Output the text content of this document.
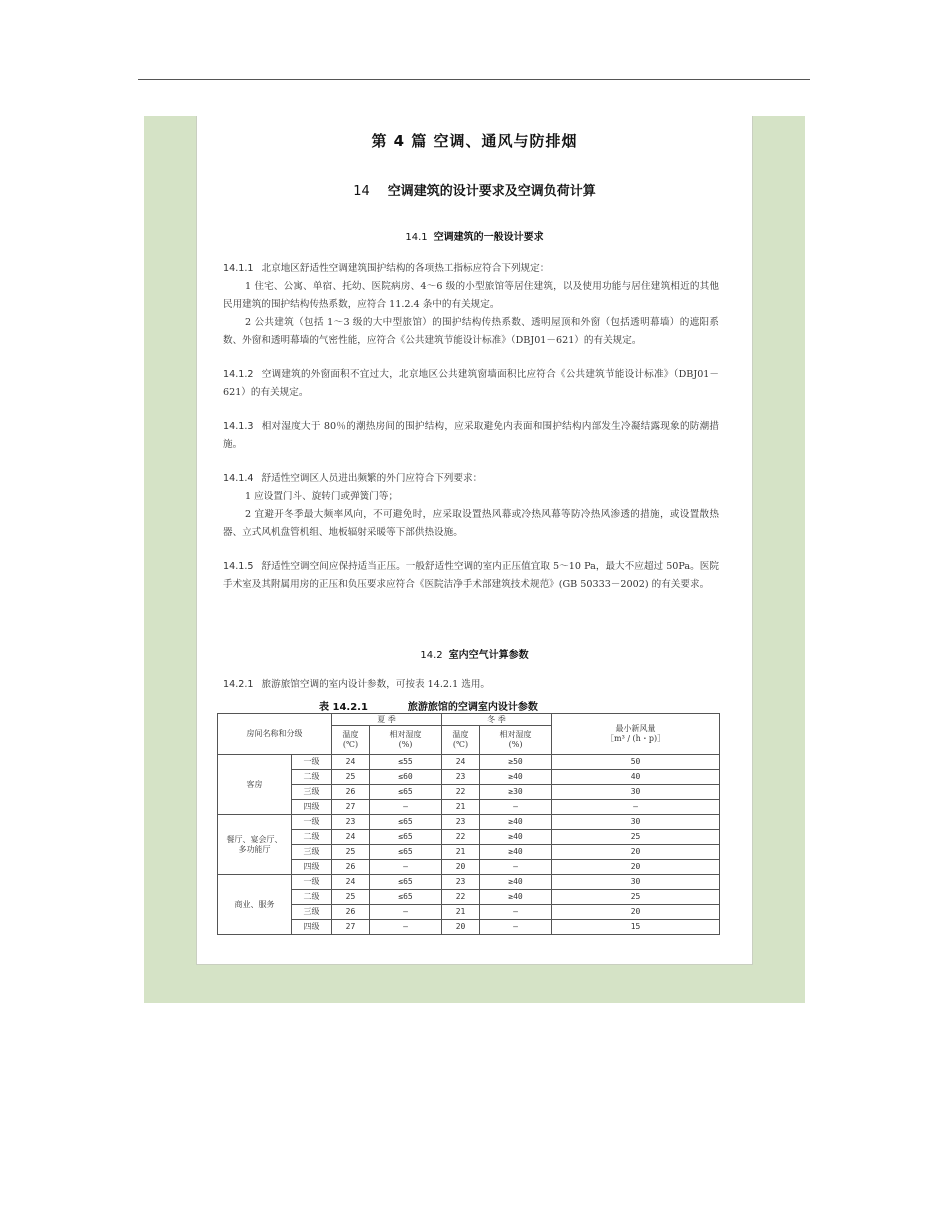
第 4 篇 空调、通风与防排烟
14 空调建筑的设计要求及空调负荷计算
14.1 空调建筑的一般设计要求

14.1.1 北京地区舒适性空调建筑围护结构的各项热工指标应符合下列规定：

1 住宅、公寓、单宿、托幼、医院病房、4～6 级的小型旅馆等居住建筑，以及使用功能与居住建筑相近的其他民用建筑的围护结构传热系数，应符合 11.2.4 条中的有关规定。

2 公共建筑（包括 1～3 级的大中型旅馆）的围护结构传热系数、透明屋顶和外窗（包括透明幕墙）的遮阳系数、外窗和透明幕墙的气密性能，应符合《公共建筑节能设计标准》（DBJ01－621）的有关规定。

14.1.2 空调建筑的外窗面积不宜过大，北京地区公共建筑窗墙面积比应符合《公共建筑节能设计标准》（DBJ01－621）的有关规定。

14.1.3 相对湿度大于 80％的潮热房间的围护结构，应采取避免内表面和围护结构内部发生冷凝结露现象的防潮措施。

14.1.4 舒适性空调区人员进出频繁的外门应符合下列要求：

1 应设置门斗、旋转门或弹簧门等；

2 宜避开冬季最大频率风向，不可避免时，应采取设置热风幕或冷热风幕等防冷热风渗透的措施，或设置散热器、立式风机盘管机组、地板辐射采暖等下部供热设施。

14.1.5 舒适性空调空间应保持适当正压。一般舒适性空调的室内正压值宜取 5～10 Pa，最大不应超过 50Pa。医院手术室及其附属用房的正压和负压要求应符合《医院洁净手术部建筑技术规范》(GB 50333－2002) 的有关要求。

14.2 室内空气计算参数

14.2.1 旅游旅馆空调的室内设计参数，可按表 14.2.1 选用。

表 14.2.1	旅游旅馆的空调室内设计参数
房间名称和分级		夏 季		冬 季		最小新风量
［m³ / (h・p)］
		温度
(℃)	相对湿度
(%)	温度
(℃)	相对湿度
(%)	
客房	一级	24	≤55	24	≥50	50
	二级	25	≤60	23	≥40	40
	三级	26	≤65	22	≥30	30
	四级	27	—	21	—	—
餐厅、宴会厅、多功能厅	一级	23	≤65	23	≥40	30
	二级	24	≤65	22	≥40	25
	三级	25	≤65	21	≥40	20
	四级	26	—	20	—	20
商业、服务	一级	24	≤65	23	≥40	30
	二级	25	≤65	22	≥40	25
	三级	26	—	21	—	20
	四级	27	—	20	—	15
